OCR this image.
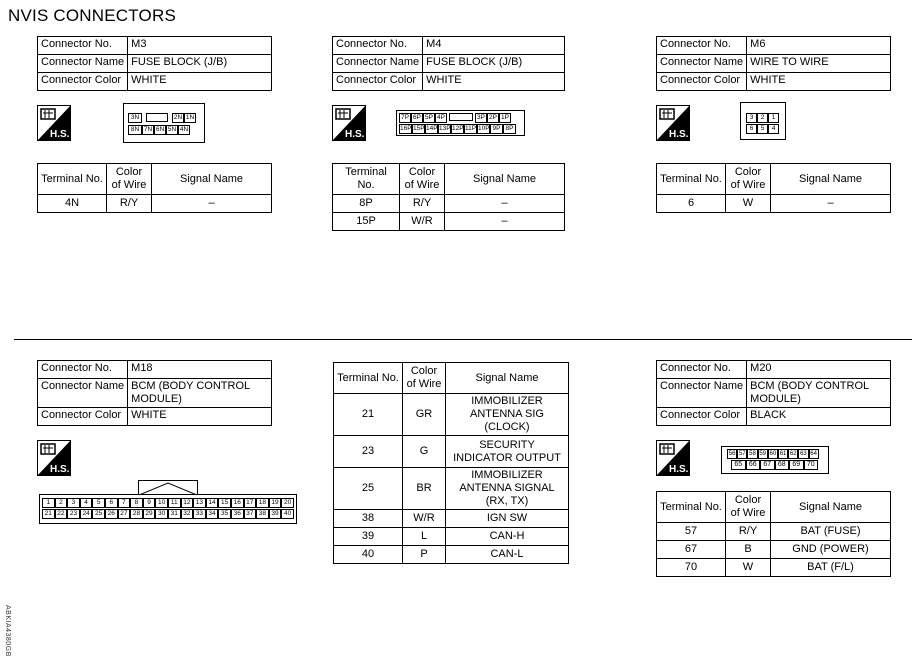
NVIS CONNECTORS
ABKIA4380GB
Connector No.	M3
Connector Name	FUSE BLOCK (J/B)
Connector Color	WHITE
H.S.
3N	2N 1N
8N 7N 6N 5N 4N
Terminal No.	Color of Wire	Signal Name
4N	R/Y	–
Connector No.	M4
Connector Name	FUSE BLOCK (J/B)
Connector Color	WHITE
H.S.
7P 6P 5P 4P	3P 2P 1P
16P 15P 14P 13P 12P 11P 10P 9P 8P
Terminal No.	Color of Wire	Signal Name
8P	R/Y	–
15P	W/R	–
Connector No.	M6
Connector Name	WIRE TO WIRE
Connector Color	WHITE
H.S.
3	2	1
6	5	4
Terminal No.	Color of Wire	Signal Name
6	W	–
Connector No.	M18
Connector Name	BCM (BODY CONTROL MODULE)
Connector Color	WHITE
H.S.
1	2	3	4	5	6	7	8	9	10 11 12 13 14 15 16 17 18 19 20
21 22 23 24 25 26 27 28 29 30 31 32 33 34 35 36 37 38 39 40
Terminal No.	Color of Wire	Signal Name
21	GR	IMMOBILIZER ANTENNA SIG (CLOCK)
23	G	SECURITY INDICATOR OUTPUT
25	BR	IMMOBILIZER ANTENNA SIGNAL (RX, TX)
38	W/R	IGN SW
39	L	CAN-H
40	P	CAN-L
Connector No.	M20
Connector Name	BCM (BODY CONTROL MODULE)
Connector Color	BLACK
H.S.
56 57 58 59 60 61 62 63 64
65 66 67 68 69 70
Terminal No.	Color of Wire	Signal Name
57	R/Y	BAT (FUSE)
67	B	GND (POWER)
70	W	BAT (F/L)
